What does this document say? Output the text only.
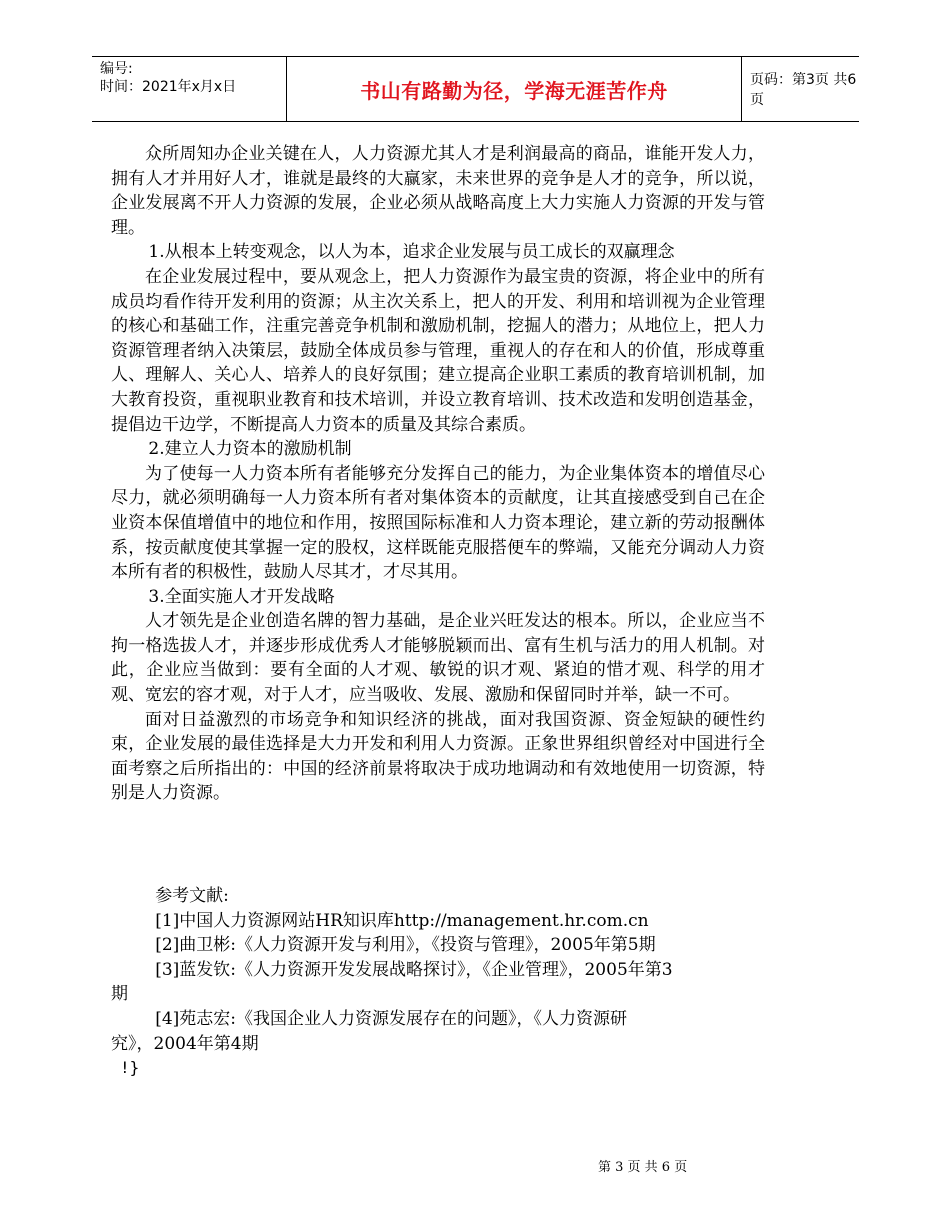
编号:
时间：2021年x月x日	书山有路勤为径，学海无涯苦作舟	页码：第3页 共6页

众所周知办企业关键在人，人力资源尤其人才是利润最高的商品，谁能开发人力，拥有人才并用好人才，谁就是最终的大赢家，未来世界的竞争是人才的竞争，所以说，企业发展离不开人力资源的发展，企业必须从战略高度上大力实施人力资源的开发与管理。

1.从根本上转变观念，以人为本，追求企业发展与员工成长的双赢理念

在企业发展过程中，要从观念上，把人力资源作为最宝贵的资源，将企业中的所有成员均看作待开发利用的资源；从主次关系上，把人的开发、利用和培训视为企业管理的核心和基础工作，注重完善竞争机制和激励机制，挖掘人的潜力；从地位上，把人力资源管理者纳入决策层，鼓励全体成员参与管理，重视人的存在和人的价值，形成尊重人、理解人、关心人、培养人的良好氛围；建立提高企业职工素质的教育培训机制，加大教育投资，重视职业教育和技术培训，并设立教育培训、技术改造和发明创造基金，提倡边干边学，不断提高人力资本的质量及其综合素质。

2.建立人力资本的激励机制

为了使每一人力资本所有者能够充分发挥自己的能力，为企业集体资本的增值尽心尽力，就必须明确每一人力资本所有者对集体资本的贡献度，让其直接感受到自己在企业资本保值增值中的地位和作用，按照国际标准和人力资本理论，建立新的劳动报酬体系，按贡献度使其掌握一定的股权，这样既能克服搭便车的弊端，又能充分调动人力资本所有者的积极性，鼓励人尽其才，才尽其用。

3.全面实施人才开发战略

人才领先是企业创造名牌的智力基础，是企业兴旺发达的根本。所以，企业应当不拘一格选拔人才，并逐步形成优秀人才能够脱颖而出、富有生机与活力的用人机制。对此，企业应当做到：要有全面的人才观、敏锐的识才观、紧迫的惜才观、科学的用才观、宽宏的容才观，对于人才，应当吸收、发展、激励和保留同时并举，缺一不可。

面对日益激烈的市场竞争和知识经济的挑战，面对我国资源、资金短缺的硬性约束，企业发展的最佳选择是大力开发和利用人力资源。正象世界组织曾经对中国进行全面考察之后所指出的：中国的经济前景将取决于成功地调动和有效地使用一切资源，特别是人力资源。

参考文献:

[1]中国人力资源网站HR知识库http://management.hr.com.cn

[2]曲卫彬:《人力资源开发与利用》，《投资与管理》，2005年第5期

[3]蓝发钦:《人力资源开发发展战略探讨》，《企业管理》，2005年第3

期

[4]苑志宏:《我国企业人力资源发展存在的问题》，《人力资源研

究》，2004年第4期

!}
第 3 页 共 6 页
